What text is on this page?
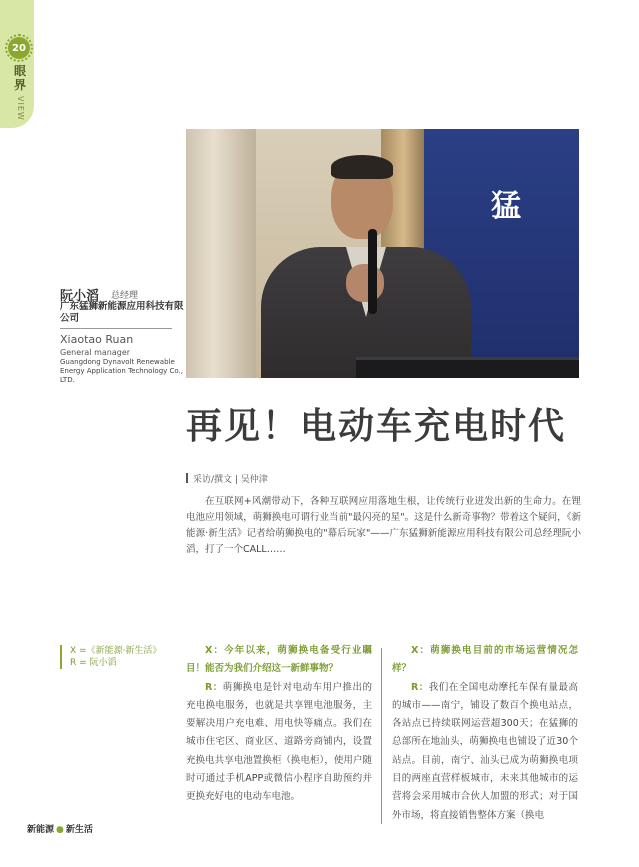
20
眼界
VIEW
猛
阮小滔 总经理
广东猛狮新能源应用科技有限公司
Xiaotao Ruan
General manager
Guangdong Dynavolt Renewable Energy Application Technology Co., LTD.
再见！电动车充电时代
采访/撰文 | 吴仲津

在互联网+风潮带动下，各种互联网应用落地生根，让传统行业迸发出新的生命力。在锂电池应用领域，萌狮换电可谓行业当前"最闪亮的星"。这是什么新奇事物？带着这个疑问，《新能源·新生活》记者给萌狮换电的"幕后玩家"——广东猛狮新能源应用科技有限公司总经理阮小滔，打了一个CALL……

X =《新能源·新生活》
R = 阮小滔

X：今年以来，萌狮换电备受行业瞩目！能否为我们介绍这一新鲜事物？

R：萌狮换电是针对电动车用户推出的充电换电服务，也就是共享锂电池服务，主要解决用户充电难、用电快等痛点。我们在城市住宅区、商业区、道路旁商铺内，设置充换电共享电池置换柜（换电柜），使用户随时可通过手机APP或微信小程序自助预约并更换充好电的电动车电池。

X：萌狮换电目前的市场运营情况怎样？

R：我们在全国电动摩托车保有量最高的城市——南宁，铺设了数百个换电站点，各站点已持续联网运营超300天；在猛狮的总部所在地汕头，萌狮换电也铺设了近30个站点。目前，南宁、汕头已成为萌狮换电项目的两座直营样板城市，未来其他城市的运营将会采用城市合伙人加盟的形式；对于国外市场，将直接销售整体方案（换电

新能源 ● 新生活
